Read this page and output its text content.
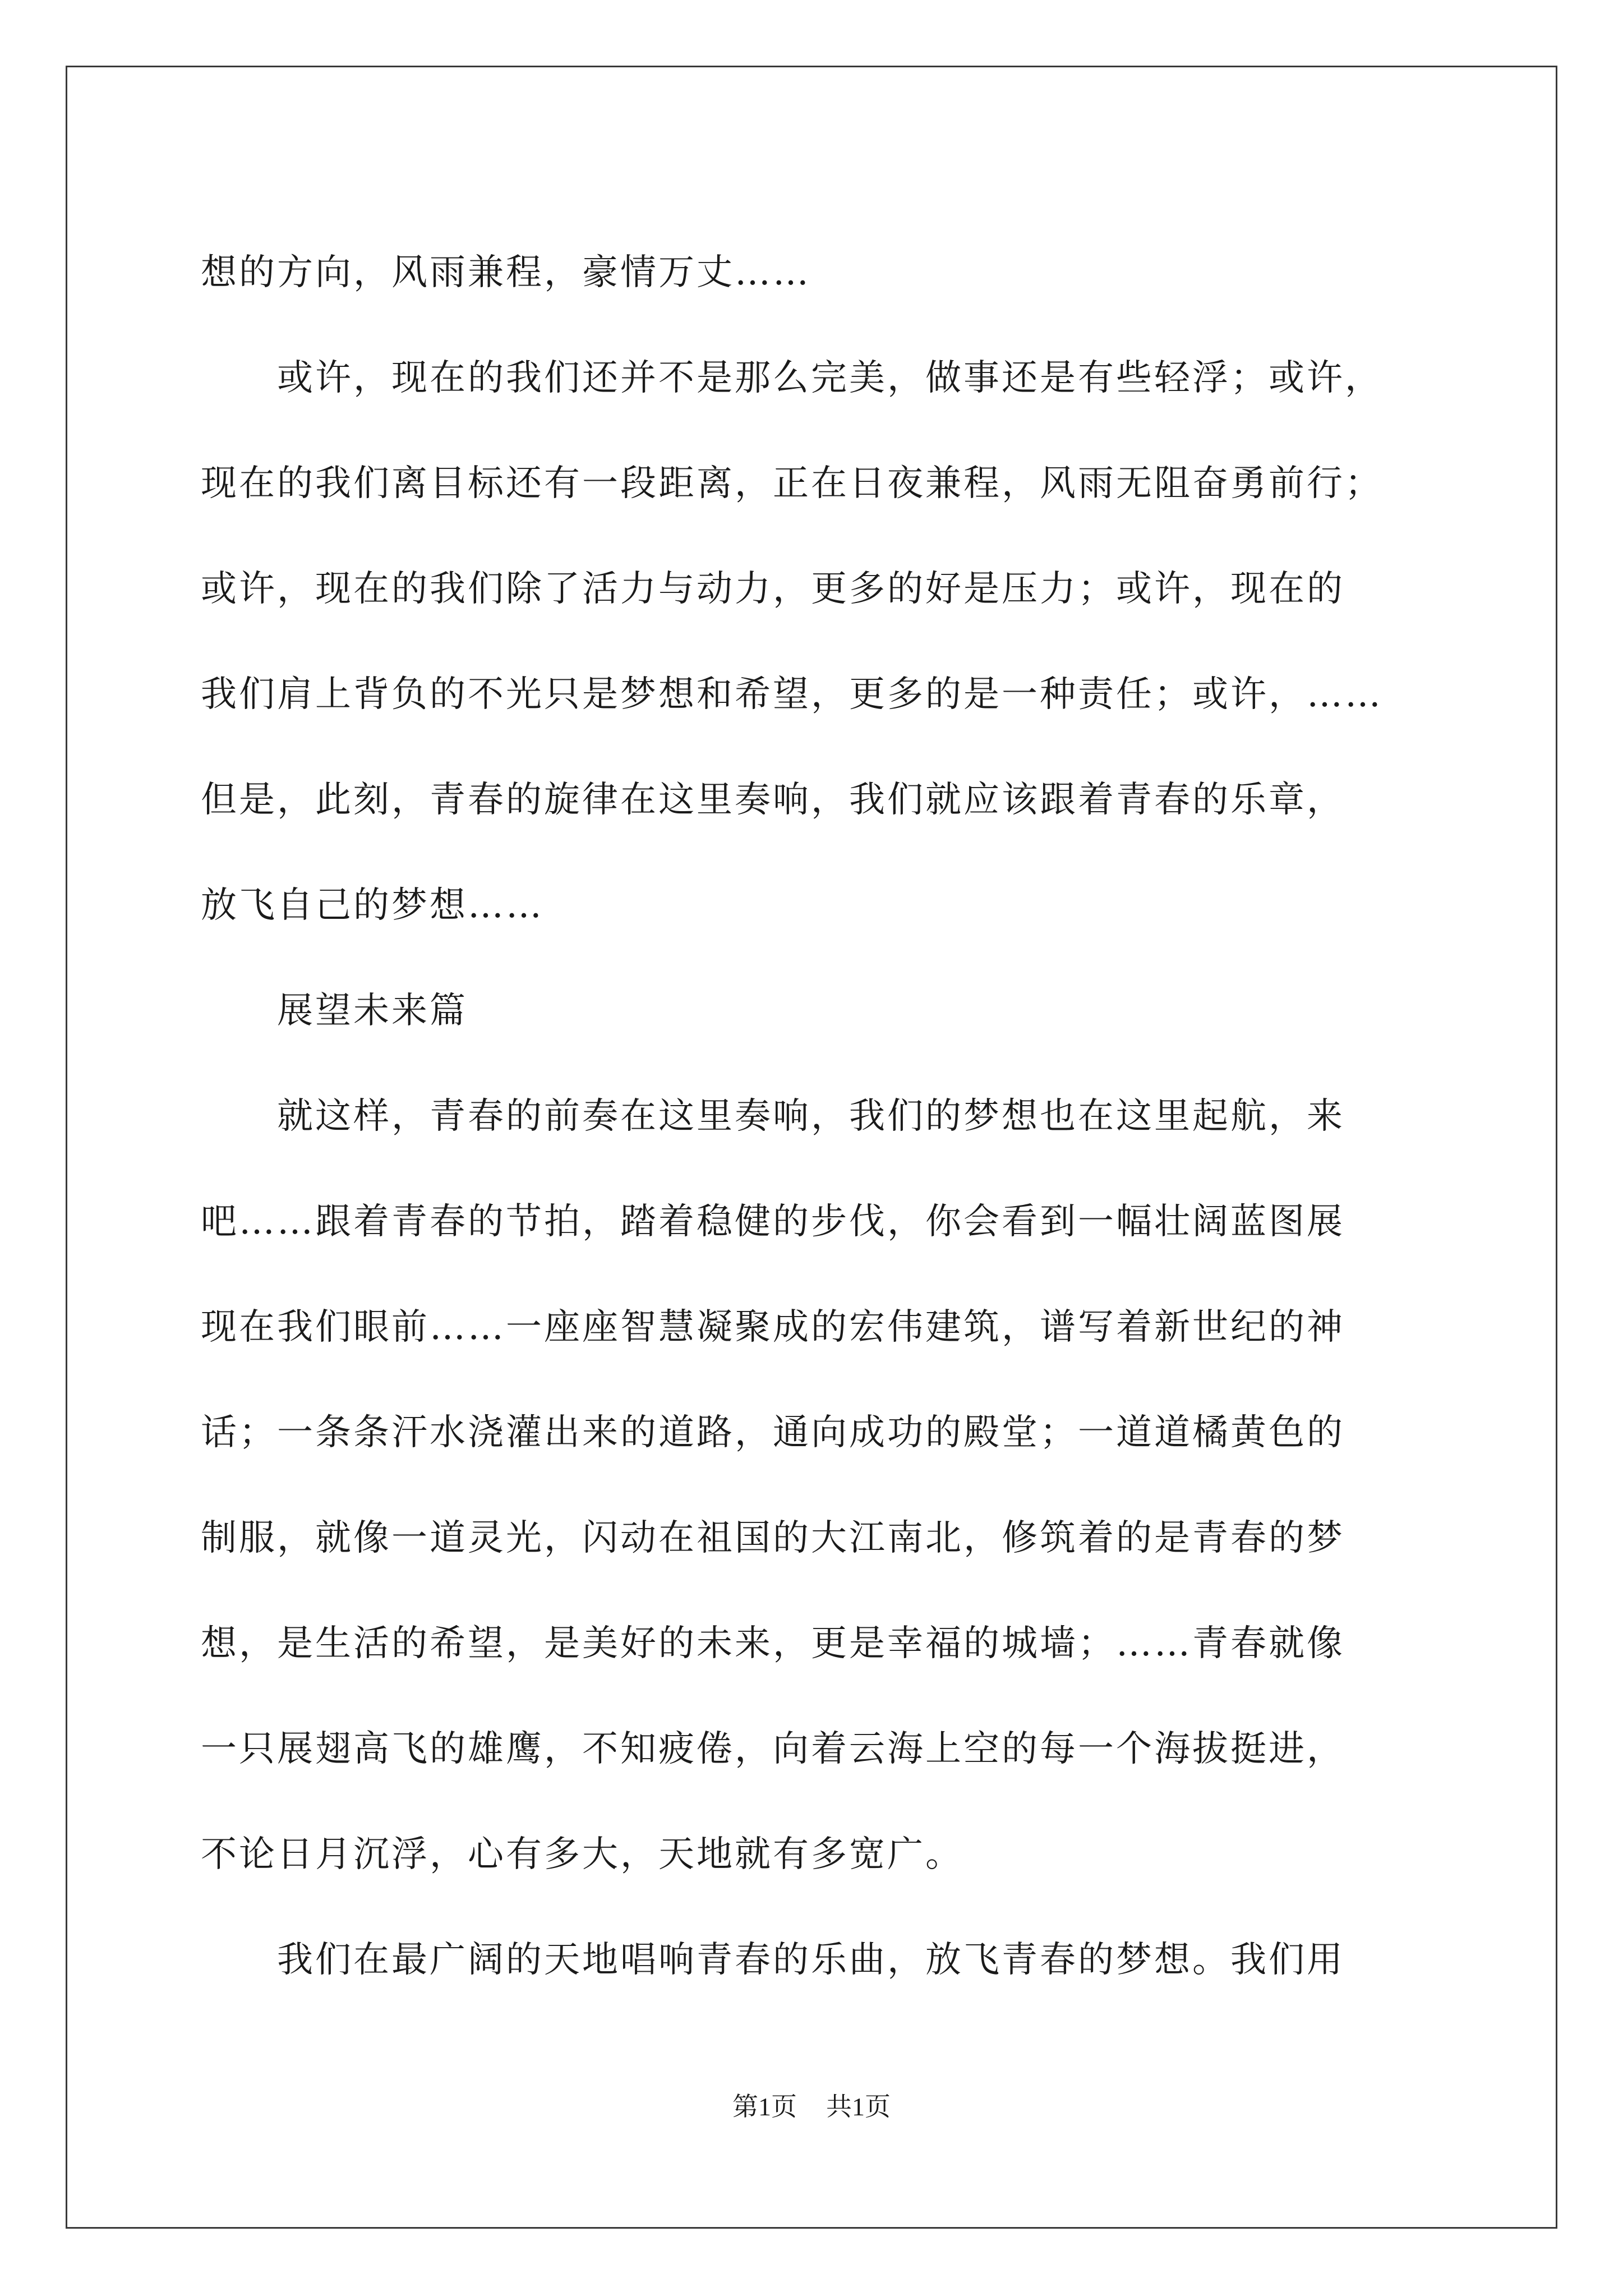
想的方向，风雨兼程，豪情万丈……

　　或许，现在的我们还并不是那么完美，做事还是有些轻浮；或许，

现在的我们离目标还有一段距离，正在日夜兼程，风雨无阻奋勇前行；

或许，现在的我们除了活力与动力，更多的好是压力；或许，现在的

我们肩上背负的不光只是梦想和希望，更多的是一种责任；或许，……

但是，此刻，青春的旋律在这里奏响，我们就应该跟着青春的乐章，

放飞自己的梦想……

　　展望未来篇

　　就这样，青春的前奏在这里奏响，我们的梦想也在这里起航，来

吧……跟着青春的节拍，踏着稳健的步伐，你会看到一幅壮阔蓝图展

现在我们眼前……一座座智慧凝聚成的宏伟建筑，谱写着新世纪的神

话；一条条汗水浇灌出来的道路，通向成功的殿堂；一道道橘黄色的

制服，就像一道灵光，闪动在祖国的大江南北，修筑着的是青春的梦

想，是生活的希望，是美好的未来，更是幸福的城墙；……青春就像

一只展翅高飞的雄鹰，不知疲倦，向着云海上空的每一个海拔挺进，

不论日月沉浮，心有多大，天地就有多宽广。

　　我们在最广阔的天地唱响青春的乐曲，放飞青春的梦想。我们用

第1页 共1页
